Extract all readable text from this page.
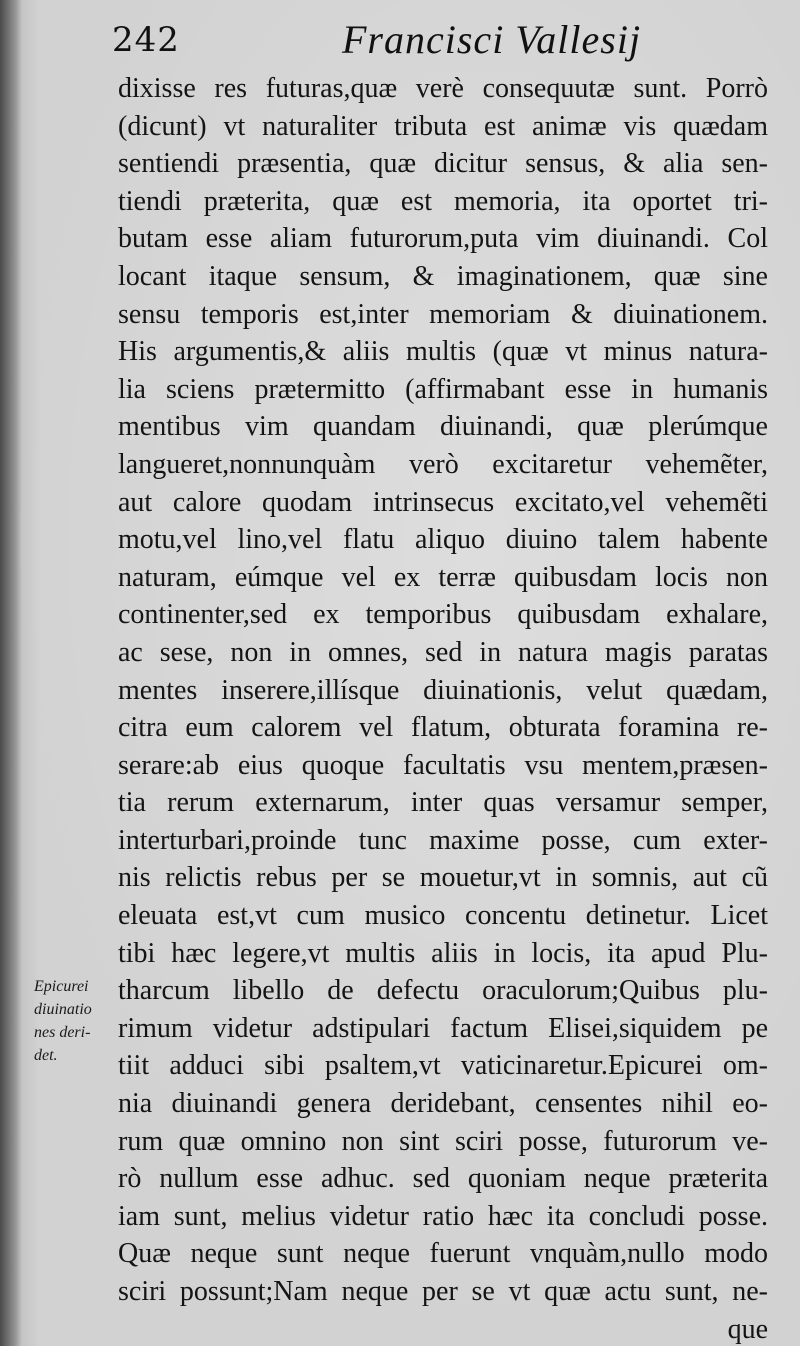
242	Francisci Vallesij
Epicurei
diuinatio
nes deri-
det.
dixisse res futuras,quæ verè consequutæ sunt. Porrò
(dicunt) vt naturaliter tributa est animæ vis quædam
sentiendi præsentia, quæ dicitur sensus, & alia sen-
tiendi præterita, quæ est memoria, ita oportet tri-
butam esse aliam futurorum,puta vim diuinandi. Col
locant itaque sensum, & imaginationem, quæ sine
sensu temporis est,inter memoriam & diuinationem.
His argumentis,& aliis multis (quæ vt minus natura-
lia sciens prætermitto (affirmabant esse in humanis
mentibus vim quandam diuinandi, quæ plerúmque
langueret,nonnunquàm verò excitaretur vehemẽter,
aut calore quodam intrinsecus excitato,vel vehemẽti
motu,vel lino,vel flatu aliquo diuino talem habente
naturam, eúmque vel ex terræ quibusdam locis non
continenter,sed ex temporibus quibusdam exhalare,
ac sese, non in omnes, sed in natura magis paratas
mentes inserere,illísque diuinationis, velut quædam,
citra eum calorem vel flatum, obturata foramina re-
serare:ab eius quoque facultatis vsu mentem,præsen-
tia rerum externarum, inter quas versamur semper,
interturbari,proinde tunc maxime posse, cum exter-
nis relictis rebus per se mouetur,vt in somnis, aut cũ
eleuata est,vt cum musico concentu detinetur. Licet
tibi hæc legere,vt multis aliis in locis, ita apud Plu-
tharcum libello de defectu oraculorum;Quibus plu-
rimum videtur adstipulari factum Elisei,siquidem pe
tiit adduci sibi psaltem,vt vaticinaretur.Epicurei om-
nia diuinandi genera deridebant, censentes nihil eo-
rum quæ omnino non sint sciri posse, futurorum ve-
rò nullum esse adhuc. sed quoniam neque præterita
iam sunt, melius videtur ratio hæc ita concludi posse.
Quæ neque sunt neque fuerunt vnquàm,nullo modo
sciri possunt;Nam neque per se vt quæ actu sunt, ne-
que
